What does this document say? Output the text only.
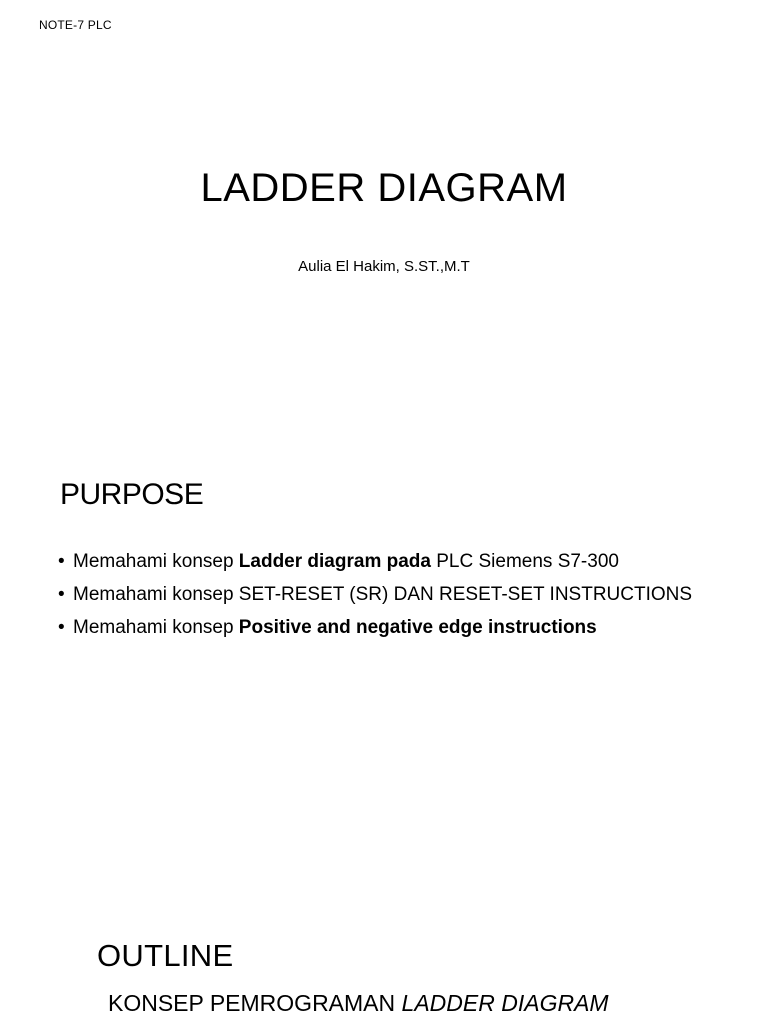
NOTE-7 PLC
LADDER DIAGRAM
Aulia El Hakim, S.ST.,M.T
PURPOSE
• Memahami konsep Ladder diagram pada PLC Siemens S7-300
• Memahami konsep SET-RESET (SR) DAN RESET-SET INSTRUCTIONS
• Memahami konsep Positive and negative edge instructions
OUTLINE
KONSEP PEMROGRAMAN LADDER DIAGRAM
